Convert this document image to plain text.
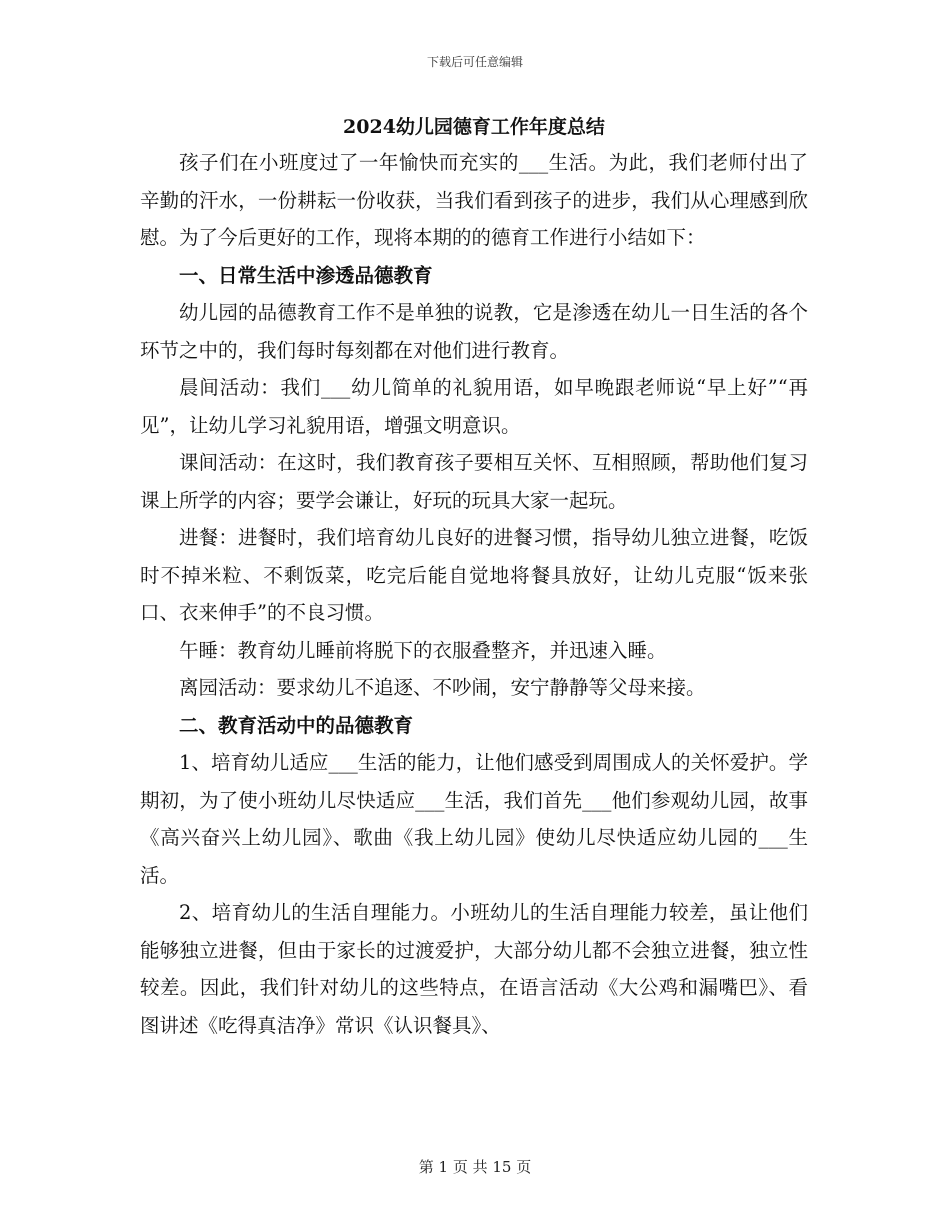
下载后可任意编辑
2024幼儿园德育工作年度总结

孩子们在小班度过了一年愉快而充实的___生活。为此，我们老师付出了辛勤的汗水，一份耕耘一份收获，当我们看到孩子的进步，我们从心理感到欣慰。为了今后更好的工作，现将本期的的德育工作进行小结如下：

一、日常生活中渗透品德教育

幼儿园的品德教育工作不是单独的说教，它是渗透在幼儿一日生活的各个环节之中的，我们每时每刻都在对他们进行教育。

晨间活动：我们___幼儿简单的礼貌用语，如早晚跟老师说“早上好”“再见”，让幼儿学习礼貌用语，增强文明意识。

课间活动：在这时，我们教育孩子要相互关怀、互相照顾，帮助他们复习课上所学的内容；要学会谦让，好玩的玩具大家一起玩。

进餐：进餐时，我们培育幼儿良好的进餐习惯，指导幼儿独立进餐，吃饭时不掉米粒、不剩饭菜，吃完后能自觉地将餐具放好，让幼儿克服“饭来张口、衣来伸手”的不良习惯。

午睡：教育幼儿睡前将脱下的衣服叠整齐，并迅速入睡。

离园活动：要求幼儿不追逐、不吵闹，安宁静静等父母来接。

二、教育活动中的品德教育

1、培育幼儿适应___生活的能力，让他们感受到周围成人的关怀爱护。学期初，为了使小班幼儿尽快适应___生活，我们首先___他们参观幼儿园，故事《高兴奋兴上幼儿园》、歌曲《我上幼儿园》使幼儿尽快适应幼儿园的___生活。

2、培育幼儿的生活自理能力。小班幼儿的生活自理能力较差，虽让他们能够独立进餐，但由于家长的过渡爱护，大部分幼儿都不会独立进餐，独立性较差。因此，我们针对幼儿的这些特点，在语言活动《大公鸡和漏嘴巴》、看图讲述《吃得真洁净》常识《认识餐具》、

第 1 页 共 15 页
